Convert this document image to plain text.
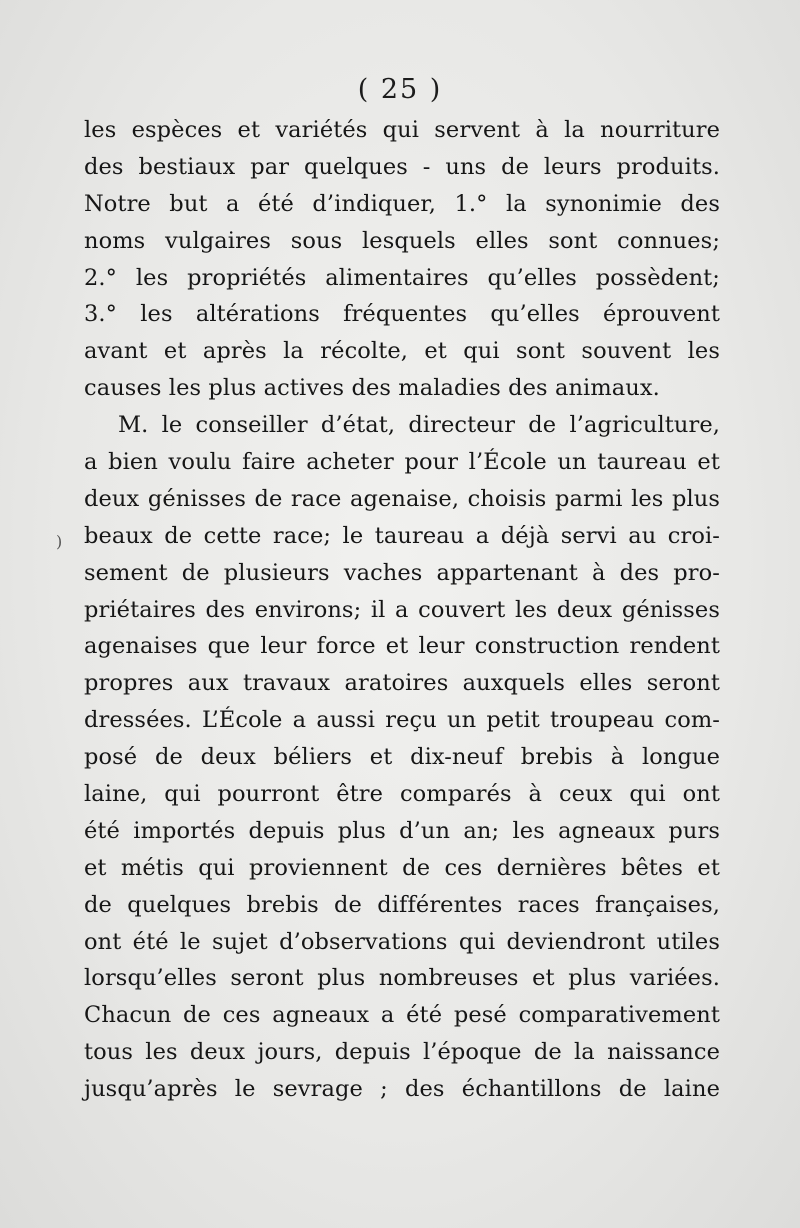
( 25 )
)
les espèces et variétés qui servent à la nourriture
des bestiaux par quelques - uns de leurs produits.
Notre but a été d’indiquer, 1.° la synonimie des
noms vulgaires sous lesquels elles sont connues;
2.° les propriétés alimentaires qu’elles possèdent;
3.° les altérations fréquentes qu’elles éprouvent
avant et après la récolte, et qui sont souvent les
causes les plus actives des maladies des animaux.
M. le conseiller d’état, directeur de l’agriculture,
a bien voulu faire acheter pour l’École un taureau et
deux génisses de race agenaise, choisis parmi les plus
beaux de cette race; le taureau a déjà servi au croi-
sement de plusieurs vaches appartenant à des pro-
priétaires des environs; il a couvert les deux génisses
agenaises que leur force et leur construction rendent
propres aux travaux aratoires auxquels elles seront
dressées. L’École a aussi reçu un petit troupeau com-
posé de deux béliers et dix-neuf brebis à longue
laine, qui pourront être comparés à ceux qui ont
été importés depuis plus d’un an; les agneaux purs
et métis qui proviennent de ces dernières bêtes et
de quelques brebis de différentes races françaises,
ont été le sujet d’observations qui deviendront utiles
lorsqu’elles seront plus nombreuses et plus variées.
Chacun de ces agneaux a été pesé comparativement
tous les deux jours, depuis l’époque de la naissance
jusqu’après le sevrage ; des échantillons de laine
